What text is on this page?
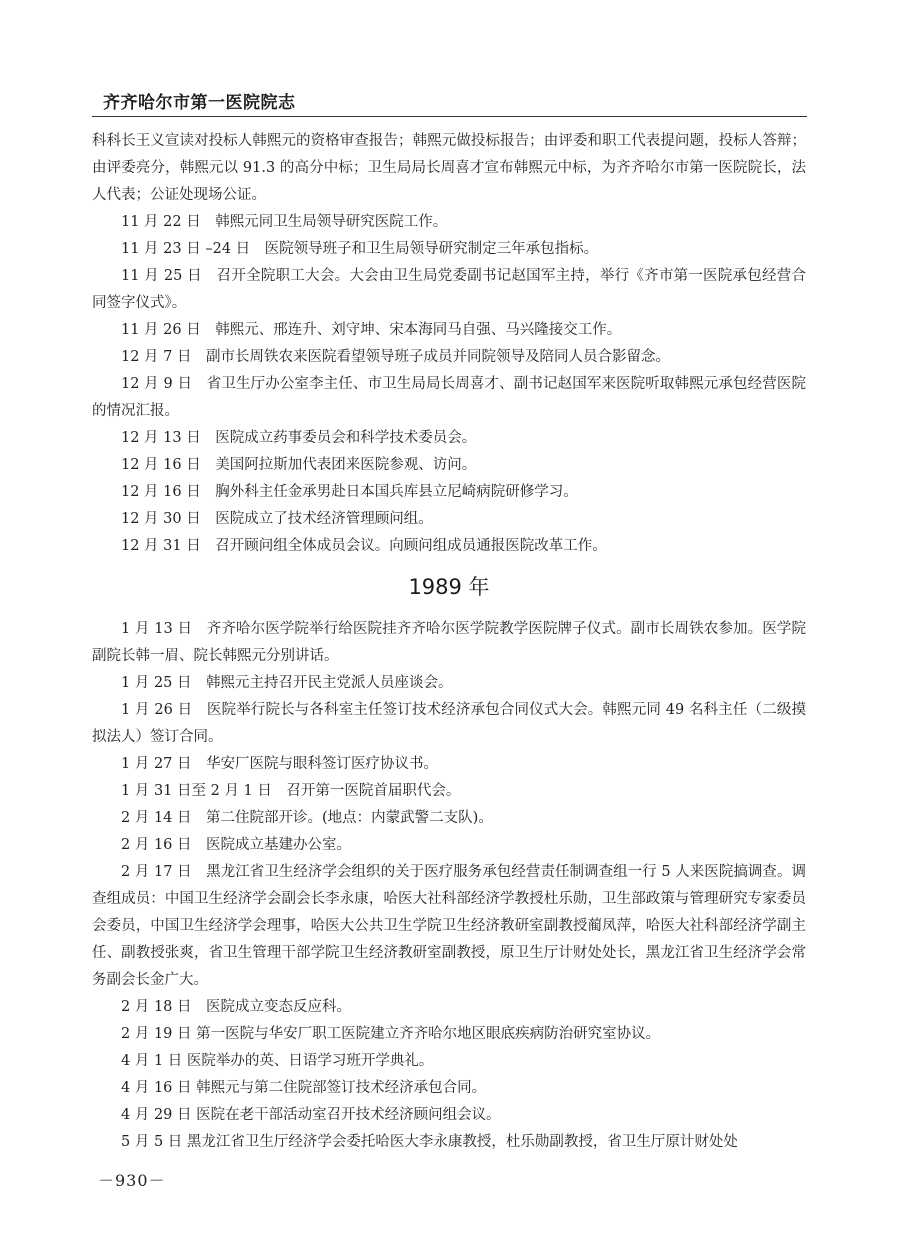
齐齐哈尔市第一医院院志

科科长王义宣读对投标人韩熙元的资格审查报告；韩熙元做投标报告；由评委和职工代表提问题，投标人答辩；由评委亮分，韩熙元以 91.3 的高分中标；卫生局局长周喜才宣布韩熙元中标，为齐齐哈尔市第一医院院长，法人代表；公证处现场公证。

11 月 22 日　韩熙元同卫生局领导研究医院工作。

11 月 23 日 –24 日　医院领导班子和卫生局领导研究制定三年承包指标。

11 月 25 日　召开全院职工大会。大会由卫生局党委副书记赵国军主持，举行《齐市第一医院承包经营合同签字仪式》。

11 月 26 日　韩熙元、邢连升、刘守坤、宋本海同马自强、马兴隆接交工作。

12 月 7 日　副市长周铁农来医院看望领导班子成员并同院领导及陪同人员合影留念。

12 月 9 日　省卫生厅办公室李主任、市卫生局局长周喜才、副书记赵国军来医院听取韩熙元承包经营医院的情况汇报。

12 月 13 日　医院成立药事委员会和科学技术委员会。

12 月 16 日　美国阿拉斯加代表团来医院参观、访问。

12 月 16 日　胸外科主任金承男赴日本国兵库县立尼崎病院研修学习。

12 月 30 日　医院成立了技术经济管理顾问组。

12 月 31 日　召开顾问组全体成员会议。向顾问组成员通报医院改革工作。

1989 年

1 月 13 日　齐齐哈尔医学院举行给医院挂齐齐哈尔医学院教学医院牌子仪式。副市长周铁农参加。医学院副院长韩一眉、院长韩熙元分别讲话。

1 月 25 日　韩熙元主持召开民主党派人员座谈会。

1 月 26 日　医院举行院长与各科室主任签订技术经济承包合同仪式大会。韩熙元同 49 名科主任（二级摸拟法人）签订合同。

1 月 27 日　华安厂医院与眼科签订医疗协议书。

1 月 31 日至 2 月 1 日　召开第一医院首届职代会。

2 月 14 日　第二住院部开诊。(地点：内蒙武警二支队)。

2 月 16 日　医院成立基建办公室。

2 月 17 日　黑龙江省卫生经济学会组织的关于医疗服务承包经营责任制调查组一行 5 人来医院搞调查。调查组成员：中国卫生经济学会副会长李永康，哈医大社科部经济学教授杜乐勋，卫生部政策与管理研究专家委员会委员，中国卫生经济学会理事，哈医大公共卫生学院卫生经济教研室副教授蔺凤萍，哈医大社科部经济学副主任、副教授张爽，省卫生管理干部学院卫生经济教研室副教授，原卫生厅计财处处长，黑龙江省卫生经济学会常务副会长金广大。

2 月 18 日　医院成立变态反应科。

2 月 19 日 第一医院与华安厂职工医院建立齐齐哈尔地区眼底疾病防治研究室协议。

4 月 1 日 医院举办的英、日语学习班开学典礼。

4 月 16 日 韩熙元与第二住院部签订技术经济承包合同。

4 月 29 日 医院在老干部活动室召开技术经济顾问组会议。

5 月 5 日 黑龙江省卫生厅经济学会委托哈医大李永康教授，杜乐勋副教授，省卫生厅原计财处处

－930－
